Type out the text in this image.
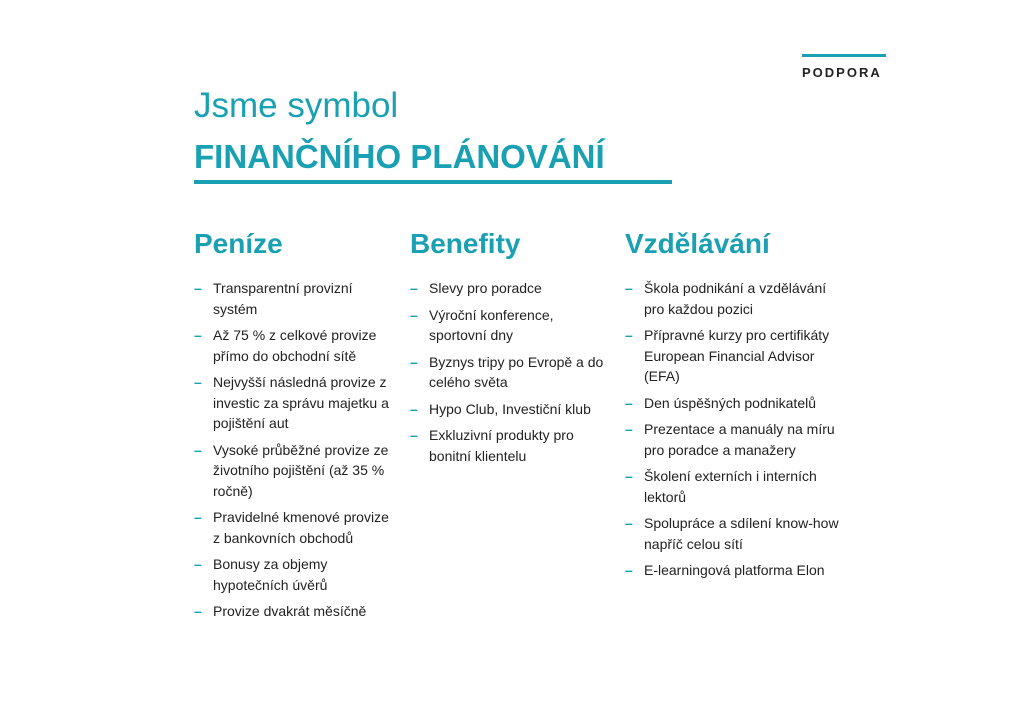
PODPORA
Jsme symbol
FINANČNÍHO PLÁNOVÁNÍ
Peníze
– Transparentní provizní systém
– Až 75 % z celkové provize přímo do obchodní sítě
– Nejvyšší následná provize z investic za správu majetku a pojištění aut
– Vysoké průběžné provize ze životního pojištění (až 35 % ročně)
– Pravidelné kmenové provize z bankovních obchodů
– Bonusy za objemy hypotečních úvěrů
– Provize dvakrát měsíčně
Benefity
– Slevy pro poradce
– Výroční konference, sportovní dny
– Byznys tripy po Evropě a do celého světa
– Hypo Club, Investiční klub
– Exkluzivní produkty pro bonitní klientelu
Vzdělávání
– Škola podnikání a vzdělávání pro každou pozici
– Přípravné kurzy pro certifikáty European Financial Advisor (EFA)
– Den úspěšných podnikatelů
– Prezentace a manuály na míru pro poradce a manažery
– Školení externích i interních lektorů
– Spolupráce a sdílení know-how napříč celou sítí
– E-learningová platforma Elon
